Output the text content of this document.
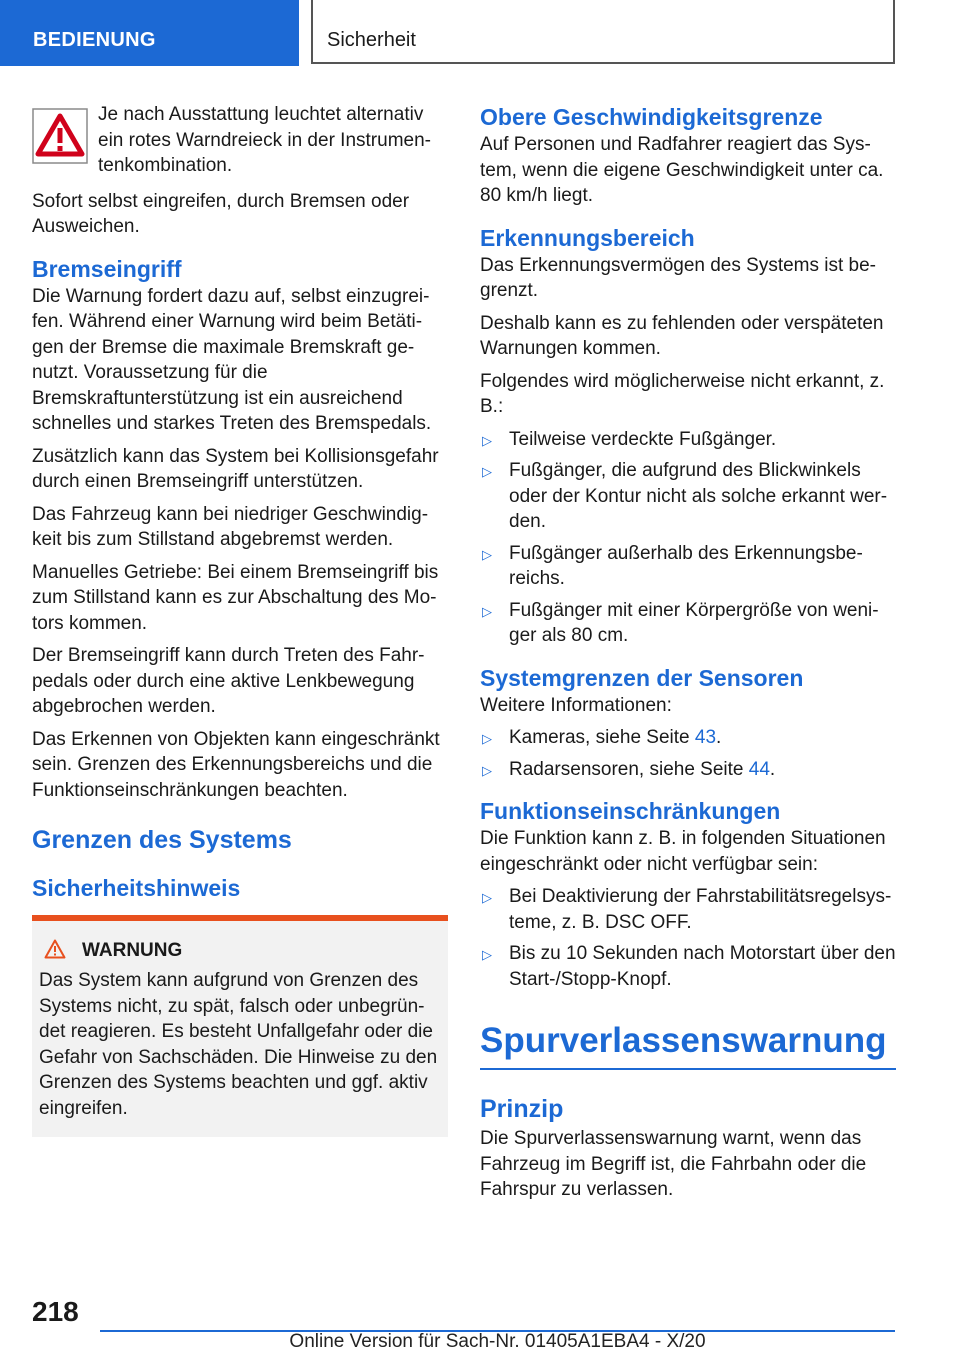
BEDIENUNG	Sicherheit

Je nach Ausstattung leuchtet alternativ ein rotes Warndreieck in der Instrumen-tenkombination.

Sofort selbst eingreifen, durch Bremsen oder Ausweichen.

Bremseingriff

Die Warnung fordert dazu auf, selbst einzugrei-fen. Während einer Warnung wird beim Betäti-gen der Bremse die maximale Bremskraft ge-nutzt. Voraussetzung für die Bremskraftunterstützung ist ein ausreichend schnelles und starkes Treten des Bremspedals.

Zusätzlich kann das System bei Kollisionsgefahr durch einen Bremseingriff unterstützen.

Das Fahrzeug kann bei niedriger Geschwindig-keit bis zum Stillstand abgebremst werden.

Manuelles Getriebe: Bei einem Bremseingriff bis zum Stillstand kann es zur Abschaltung des Mo-tors kommen.

Der Bremseingriff kann durch Treten des Fahr-pedals oder durch eine aktive Lenkbewegung abgebrochen werden.

Das Erkennen von Objekten kann eingeschränkt sein. Grenzen des Erkennungsbereichs und die Funktionseinschränkungen beachten.

Grenzen des Systems
Sicherheitshinweis
WARNUNG

Das System kann aufgrund von Grenzen des Systems nicht, zu spät, falsch oder unbegrün-det reagieren. Es besteht Unfallgefahr oder die Gefahr von Sachschäden. Die Hinweise zu den Grenzen des Systems beachten und ggf. aktiv eingreifen.

Obere Geschwindigkeitsgrenze

Auf Personen und Radfahrer reagiert das Sys-tem, wenn die eigene Geschwindigkeit unter ca. 80 km/h liegt.

Erkennungsbereich

Das Erkennungsvermögen des Systems ist be-grenzt.

Deshalb kann es zu fehlenden oder verspäteten Warnungen kommen.

Folgendes wird möglicherweise nicht erkannt, z. B.:

▷ Teilweise verdeckte Fußgänger.
▷ Fußgänger, die aufgrund des Blickwinkels oder der Kontur nicht als solche erkannt wer-den.
▷ Fußgänger außerhalb des Erkennungsbe-reichs.
▷ Fußgänger mit einer Körpergröße von weni-ger als 80 cm.
Systemgrenzen der Sensoren

Weitere Informationen:

▷ Kameras, siehe Seite 43.
▷ Radarsensoren, siehe Seite 44.
Funktionseinschränkungen

Die Funktion kann z. B. in folgenden Situationen eingeschränkt oder nicht verfügbar sein:

▷ Bei Deaktivierung der Fahrstabilitätsregelsys-teme, z. B. DSC OFF.
▷ Bis zu 10 Sekunden nach Motorstart über den Start-/Stopp-Knopf.
Spurverlassenswarnung
Prinzip

Die Spurverlassenswarnung warnt, wenn das Fahrzeug im Begriff ist, die Fahrbahn oder die Fahrspur zu verlassen.

218
Online Version für Sach-Nr. 01405A1EBA4 - X/20
